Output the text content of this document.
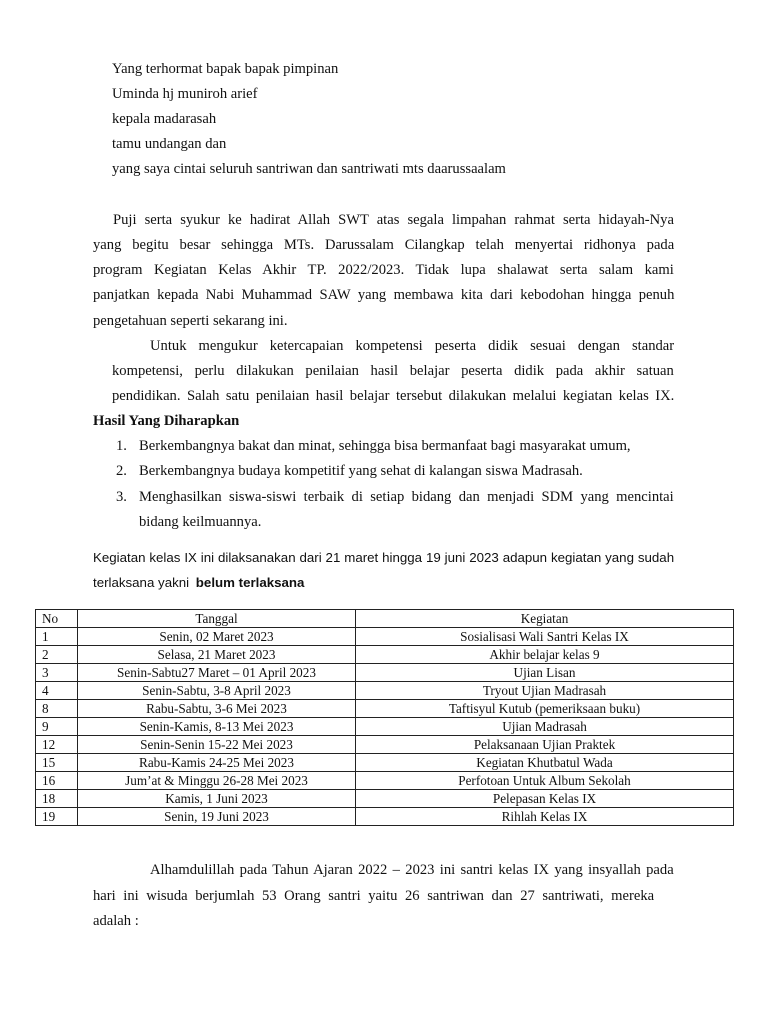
Yang terhormat bapak bapak pimpinan
Uminda hj muniroh arief
kepala madarasah
tamu undangan dan
yang saya cintai seluruh santriwan dan santriwati mts daarussaalam
Puji serta syukur ke hadirat Allah SWT atas segala limpahan rahmat serta hidayah-Nya
yang begitu besar sehingga MTs. Darussalam Cilangkap telah menyertai ridhonya pada
program Kegiatan Kelas Akhir TP. 2022/2023. Tidak lupa shalawat serta salam kami
panjatkan kepada Nabi Muhammad SAW yang membawa kita dari kebodohan hingga penuh
pengetahuan seperti sekarang ini.
Untuk mengukur ketercapaian kompetensi peserta didik sesuai dengan standar
kompetensi, perlu dilakukan penilaian hasil belajar peserta didik pada akhir satuan
pendidikan. Salah satu penilaian hasil belajar tersebut dilakukan melalui kegiatan kelas IX.
Hasil Yang Diharapkan
1. Berkembangnya bakat dan minat, sehingga bisa bermanfaat bagi masyarakat umum,
2. Berkembangnya budaya kompetitif yang sehat di kalangan siswa Madrasah.
3. Menghasilkan siswa-siswi terbaik di setiap bidang dan menjadi SDM yang mencintai
bidang keilmuannya.
Kegiatan kelas IX ini dilaksanakan dari 21 maret hingga 19 juni 2023 adapun kegiatan yang sudah
terlaksana yakni belum terlaksana
No	Tanggal	Kegiatan
1	Senin, 02 Maret 2023	Sosialisasi Wali Santri Kelas IX
2	Selasa, 21 Maret 2023	Akhir belajar kelas 9
3	Senin-Sabtu27 Maret – 01 April 2023	Ujian Lisan
4	Senin-Sabtu, 3-8 April 2023	Tryout Ujian Madrasah
8	Rabu-Sabtu, 3-6 Mei 2023	Taftisyul Kutub (pemeriksaan buku)
9	Senin-Kamis, 8-13 Mei 2023	Ujian Madrasah
12	Senin-Senin 15-22 Mei 2023	Pelaksanaan Ujian Praktek
15	Rabu-Kamis 24-25 Mei 2023	Kegiatan Khutbatul Wada
16	Jum’at & Minggu 26-28 Mei 2023	Perfotoan Untuk Album Sekolah
18	Kamis, 1 Juni 2023	Pelepasan Kelas IX
19	Senin, 19 Juni 2023	Rihlah Kelas IX
Alhamdulillah pada Tahun Ajaran 2022 – 2023 ini santri kelas IX yang insyallah pada
hari ini wisuda berjumlah 53 Orang santri yaitu 26 santriwan dan 27 santriwati, mereka
adalah :
